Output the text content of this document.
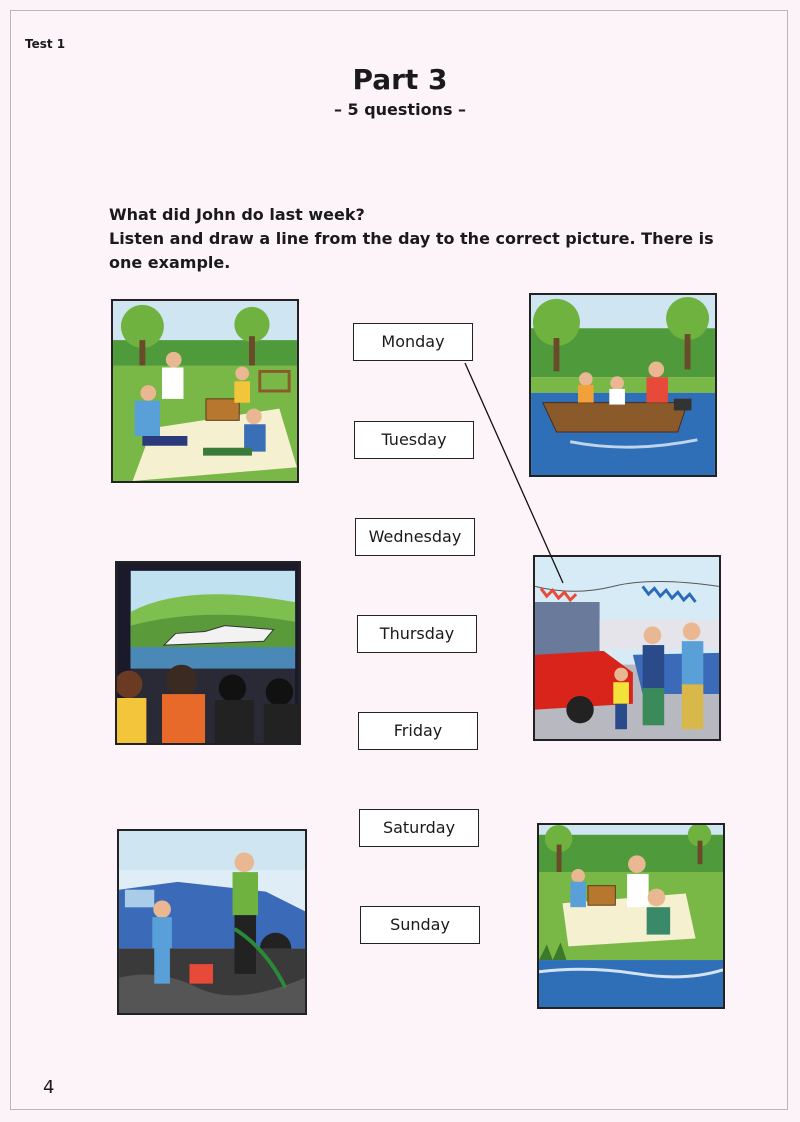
Test 1
Part 3
– 5 questions –
What did John do last week?
Listen and draw a line from the day to the correct picture. There is one example.
Monday
Tuesday
Wednesday
Thursday
Friday
Saturday
Sunday
4
